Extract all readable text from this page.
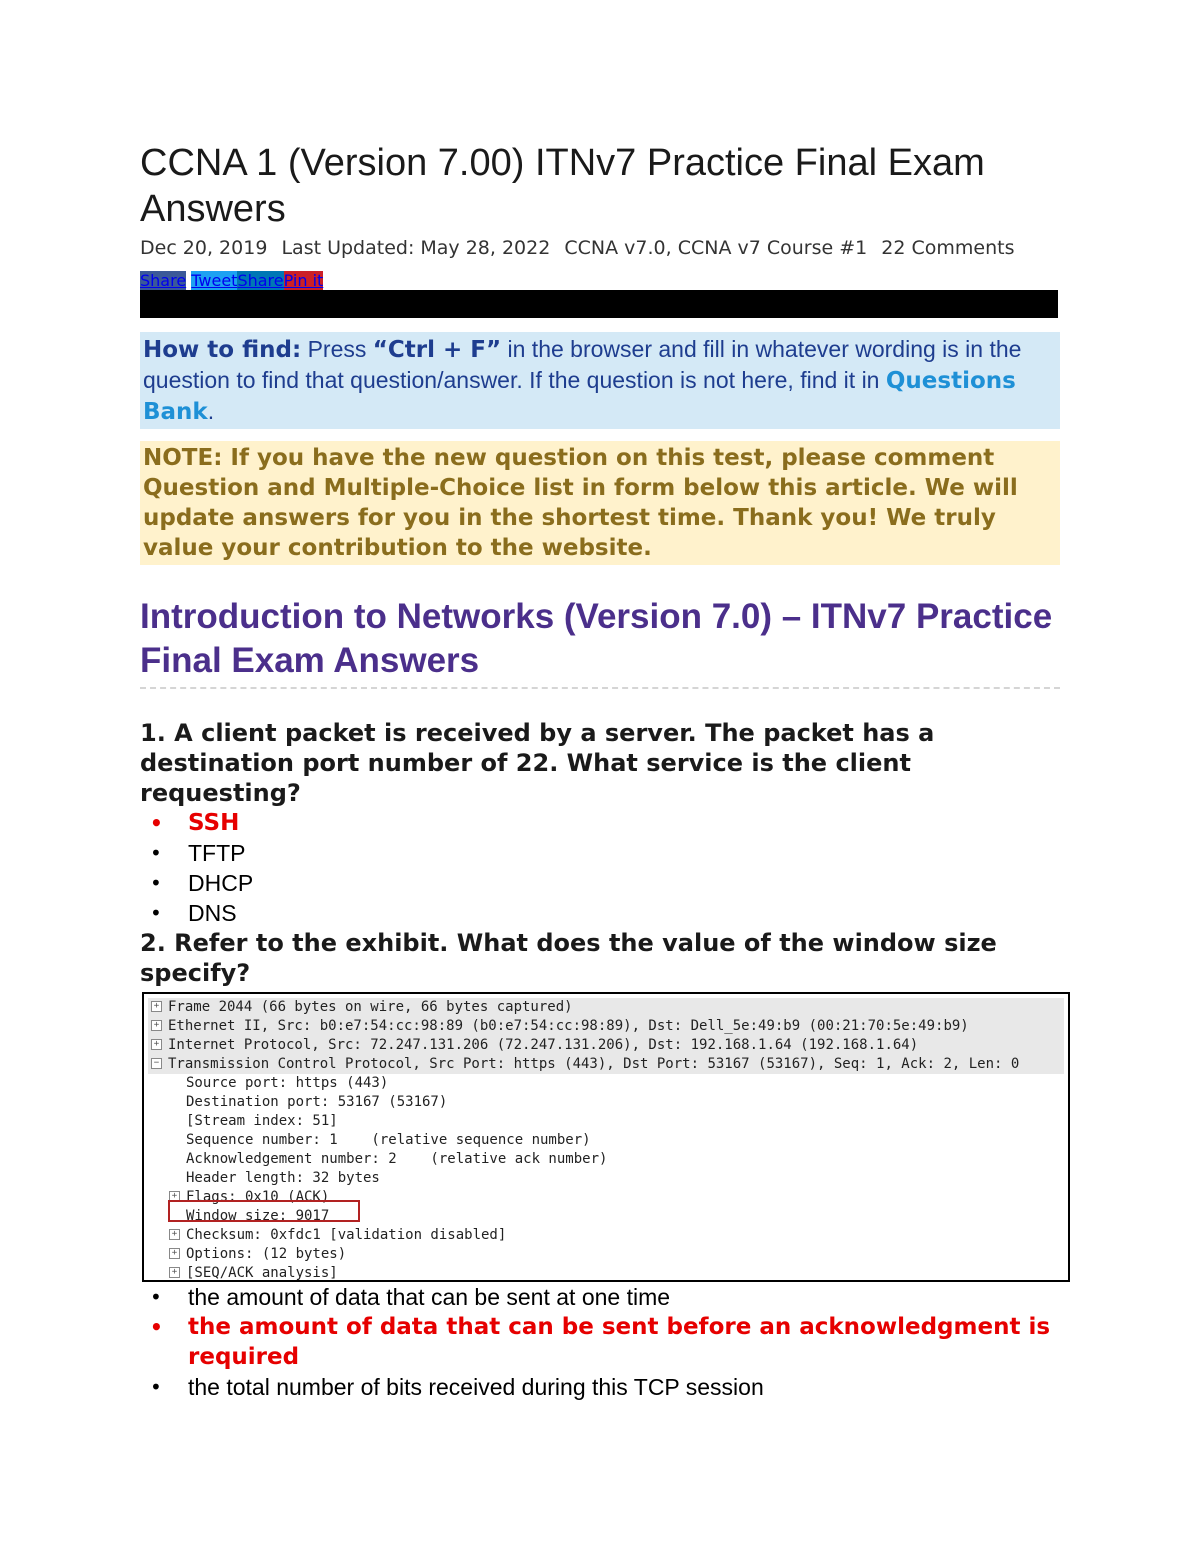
CCNA 1 (Version 7.00) ITNv7 Practice Final Exam Answers
Dec 20, 2019 Last Updated: May 28, 2022 CCNA v7.0, CCNA v7 Course #1 22 Comments
Share TweetSharePin it
How to find: Press “Ctrl + F” in the browser and fill in whatever wording is in the question to find that question/answer. If the question is not here, find it in Questions Bank.
NOTE: If you have the new question on this test, please comment Question and Multiple-Choice list in form below this article. We will update answers for you in the shortest time. Thank you! We truly value your contribution to the website.
Introduction to Networks (Version 7.0) – ITNv7 Practice Final Exam Answers

1. A client packet is received by a server. The packet has a destination port number of 22. What service is the client requesting?

• SSH
• TFTP
• DHCP
• DNS

2. Refer to the exhibit. What does the value of the window size specify?

+ Frame 2044 (66 bytes on wire, 66 bytes captured)
+ Ethernet II, Src: b0:e7:54:cc:98:89 (b0:e7:54:cc:98:89), Dst: Dell_5e:49:b9 (00:21:70:5e:49:b9)
+ Internet Protocol, Src: 72.247.131.206 (72.247.131.206), Dst: 192.168.1.64 (192.168.1.64)
− Transmission Control Protocol, Src Port: https (443), Dst Port: 53167 (53167), Seq: 1, Ack: 2, Len: 0
Source port: https (443)
Destination port: 53167 (53167)
[Stream index: 51]
Sequence number: 1    (relative sequence number)
Acknowledgement number: 2    (relative ack number)
Header length: 32 bytes
+ Flags: 0x10 (ACK)
Window size: 9017
+ Checksum: 0xfdc1 [validation disabled]
+ Options: (12 bytes)
+ [SEQ/ACK analysis]
• the amount of data that can be sent at one time
• the amount of data that can be sent before an acknowledgment is required
• the total number of bits received during this TCP session
